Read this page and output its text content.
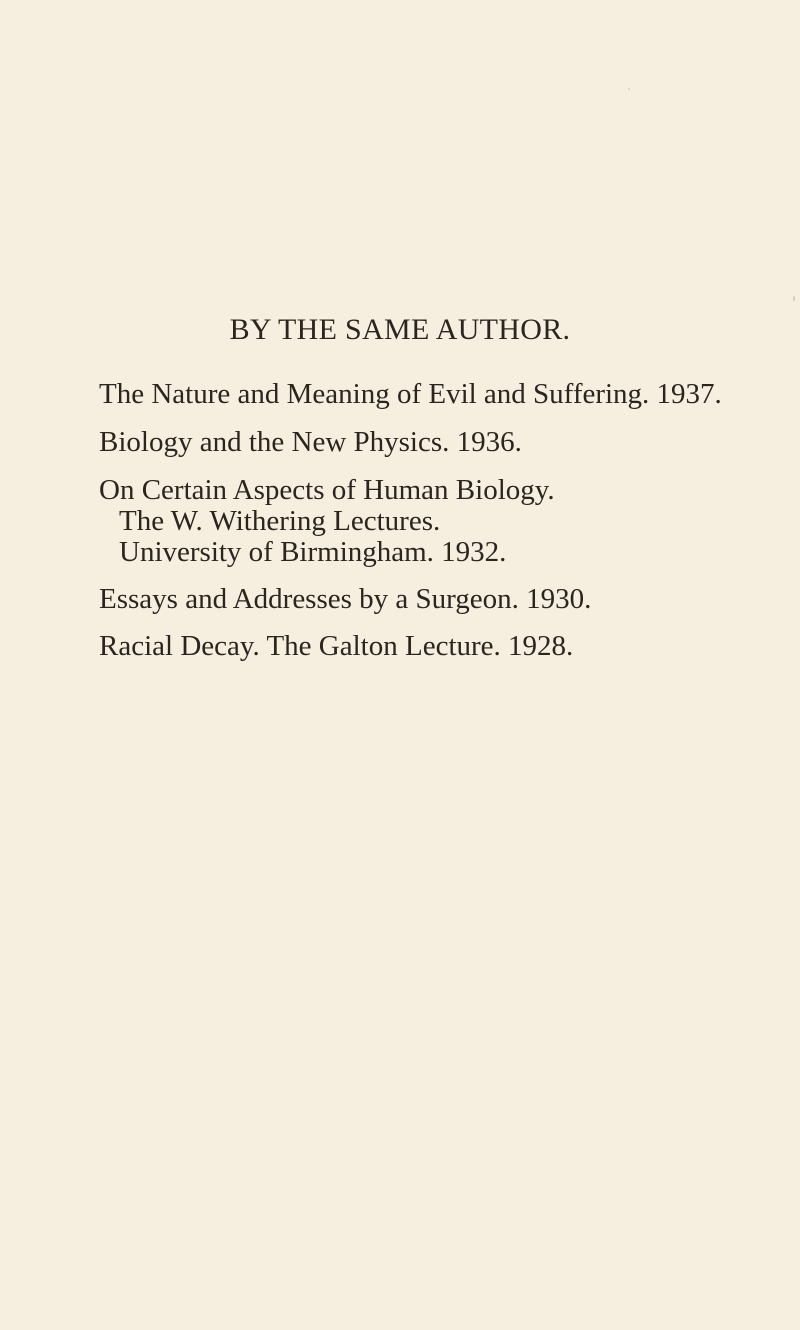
BY THE SAME AUTHOR.
The Nature and Meaning of Evil and Suffering. 1937.
Biology and the New Physics. 1936.
On Certain Aspects of Human Biology.
The W. Withering Lectures.
University of Birmingham. 1932.
Essays and Addresses by a Surgeon. 1930.
Racial Decay. The Galton Lecture. 1928.
